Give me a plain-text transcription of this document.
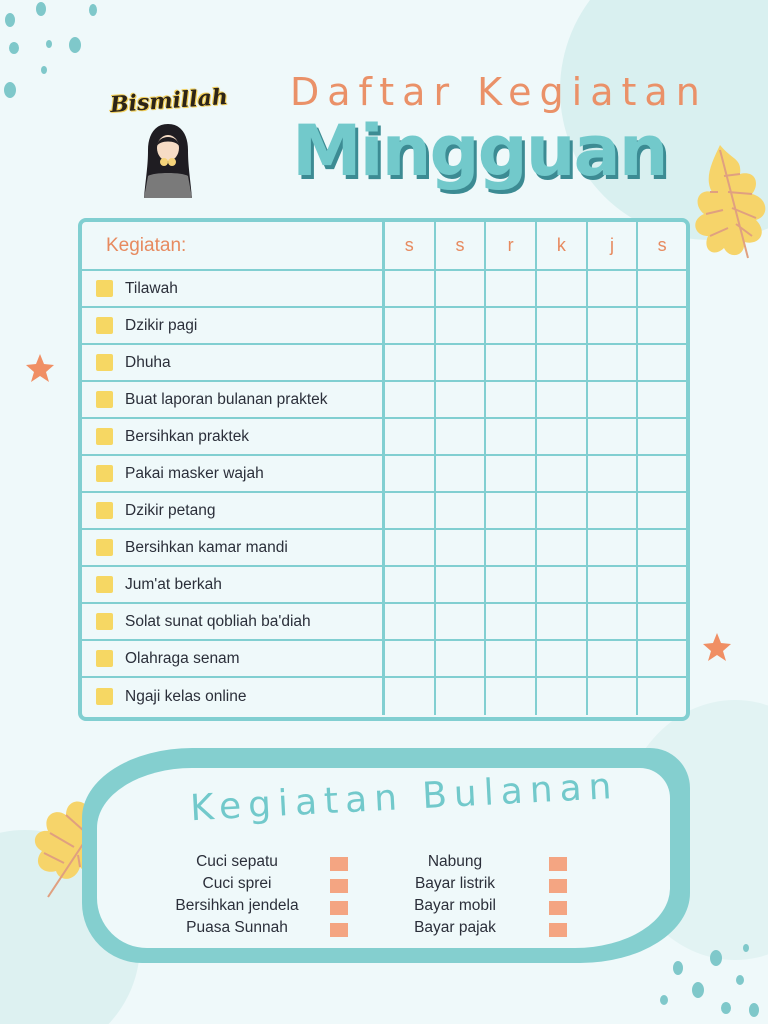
Bismillah Daftar Kegiatan
Mingguan
Kegiatan:	s s r k j s
Tilawah
Dzikir pagi
Dhuha
Buat laporan bulanan praktek
Bersihkan praktek
Pakai masker wajah
Dzikir petang
Bersihkan kamar mandi
Jum'at berkah
Solat sunat qobliah ba'diah
Olahraga senam
Ngaji kelas online
Kegiatan Bulanan
Cuci sepatu
Cuci sprei
Bersihkan jendela
Puasa Sunnah
Nabung
Bayar listrik
Bayar mobil
Bayar pajak
